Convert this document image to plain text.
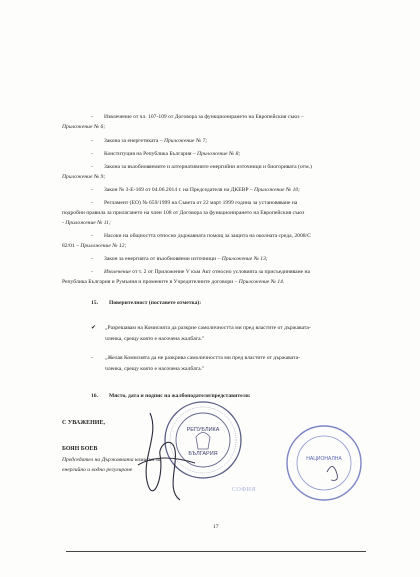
- Извлечение от чл. 107-109 от Договора за функционирането на Европейския съюз –
Приложение № 6;
- Закона за енергетиката – Приложение № 7;
- Конституция на Република България – Приложение № 8;
- Закона за възобновяемите и алтернативните енергийни източници и биогоривата (отм.)
Приложение № 9;
- Закон № 3-Е-169 от 04.06.2014 г. на Председателя на ДКЕВР – Приложение № 10;
- Регламент (ЕО) № 659/1999 на Съвета от 22 март 1999 година за установяване на
подробни правила за прилагането на член 108 от Договора за функционирането на Европейския съюз
- Приложение № 11;
- Насоки на общността относно държавната помощ за защита на околната среда, 2008/С
82/01 – Приложение № 12;
- Закон за енергията от възобновяеми източници – Приложение № 13;
- Извлечение от т. 2 от Приложение V към Акт относно условията за присъединяване на
Република България и Румъния и промените в Учредителните договори – Приложение № 14.
15. Поверителност (поставете отметка):
✔ „Разрешавам на Комисията да разкрие самоличността ми пред властите от държавата-
членка, срещу която е насочена жалбата."
- „Желая Комисията да не разкрива самоличността ми пред властите от държавата-
членка, срещу която е насочена жалбата."
16. Място, дата и подпис на жалбоподателя/представителя:
С УВАЖЕНИЕ,
БОЯН БОЕВ
Председател на Държавната комисия за
енергийно и водно регулиране
РЕПУБЛИКА
БЪЛГАРИЯ
НАЦИОНАЛНА
СОФИЯ
17
